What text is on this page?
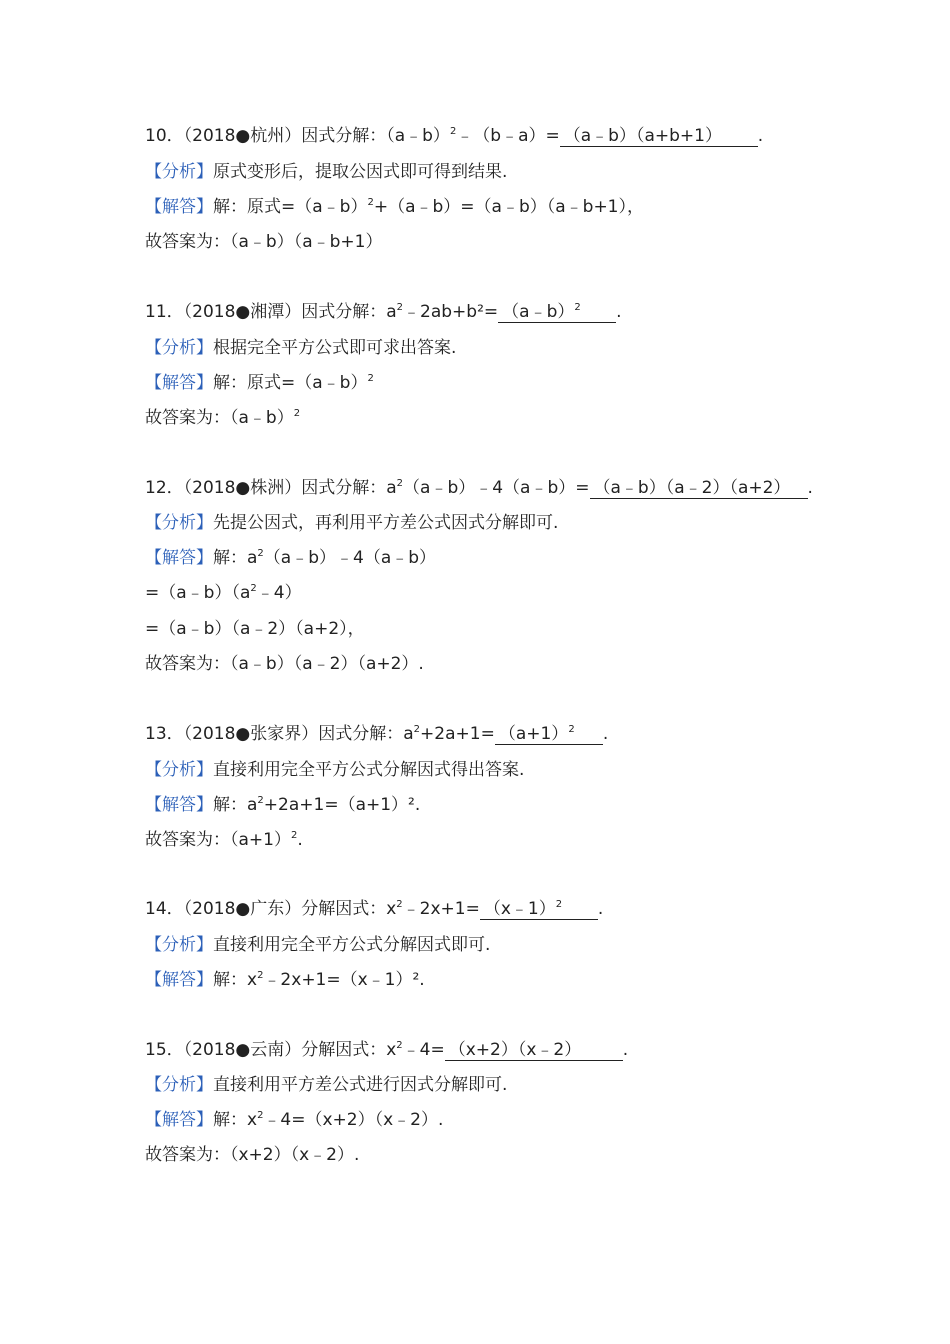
10．（2018●杭州）因式分解：（a﹣b）$^2$﹣（b﹣a）= （a﹣b）（a+b+1） .
【分析】原式变形后，提取公因式即可得到结果.
【解答】解：原式=（a﹣b）$^2$+（a﹣b）=（a﹣b）（a﹣b+1），
故答案为：（a﹣b）（a﹣b+1）
11．（2018●湘潭）因式分解：$a^2﹣2ab+b^2=$ （a﹣b）$^2$ .
【分析】根据完全平方公式即可求出答案.
【解答】解：原式=（a﹣b）$^2$
故答案为：（a﹣b）$^2$
12．（2018●株洲）因式分解：$a^2(a﹣b)﹣4(a﹣b)=$ （a﹣b）（a﹣2）（a+2） .
【分析】先提公因式，再利用平方差公式因式分解即可.
【解答】解：$a^2(a﹣b)﹣4(a﹣b)$
$=(a﹣b)(a^2﹣4)$
=（a﹣b）（a﹣2）（a+2），
故答案为：（a﹣b）（a﹣2）（a+2）.
13．（2018●张家界）因式分解：$a^2+2a+1= (a+1)^2$ .
【分析】直接利用完全平方公式分解因式得出答案.
【解答】解：$a^2+2a+1=(a+1)^2$.
故答案为：$(a+1)^2$.
14．（2018●广东）分解因式：$x^2﹣2x+1=$ （x﹣1）$^2$ .
【分析】直接利用完全平方公式分解因式即可.
【解答】解：$x^2﹣2x+1=(x﹣1)^2$.
15．（2018●云南）分解因式：$x^2﹣4=$ （x+2）（x﹣2） .
【分析】直接利用平方差公式进行因式分解即可.
【解答】解：$x^2﹣4=(x+2)(x﹣2)$.
故答案为：（x+2）（x﹣2）.
